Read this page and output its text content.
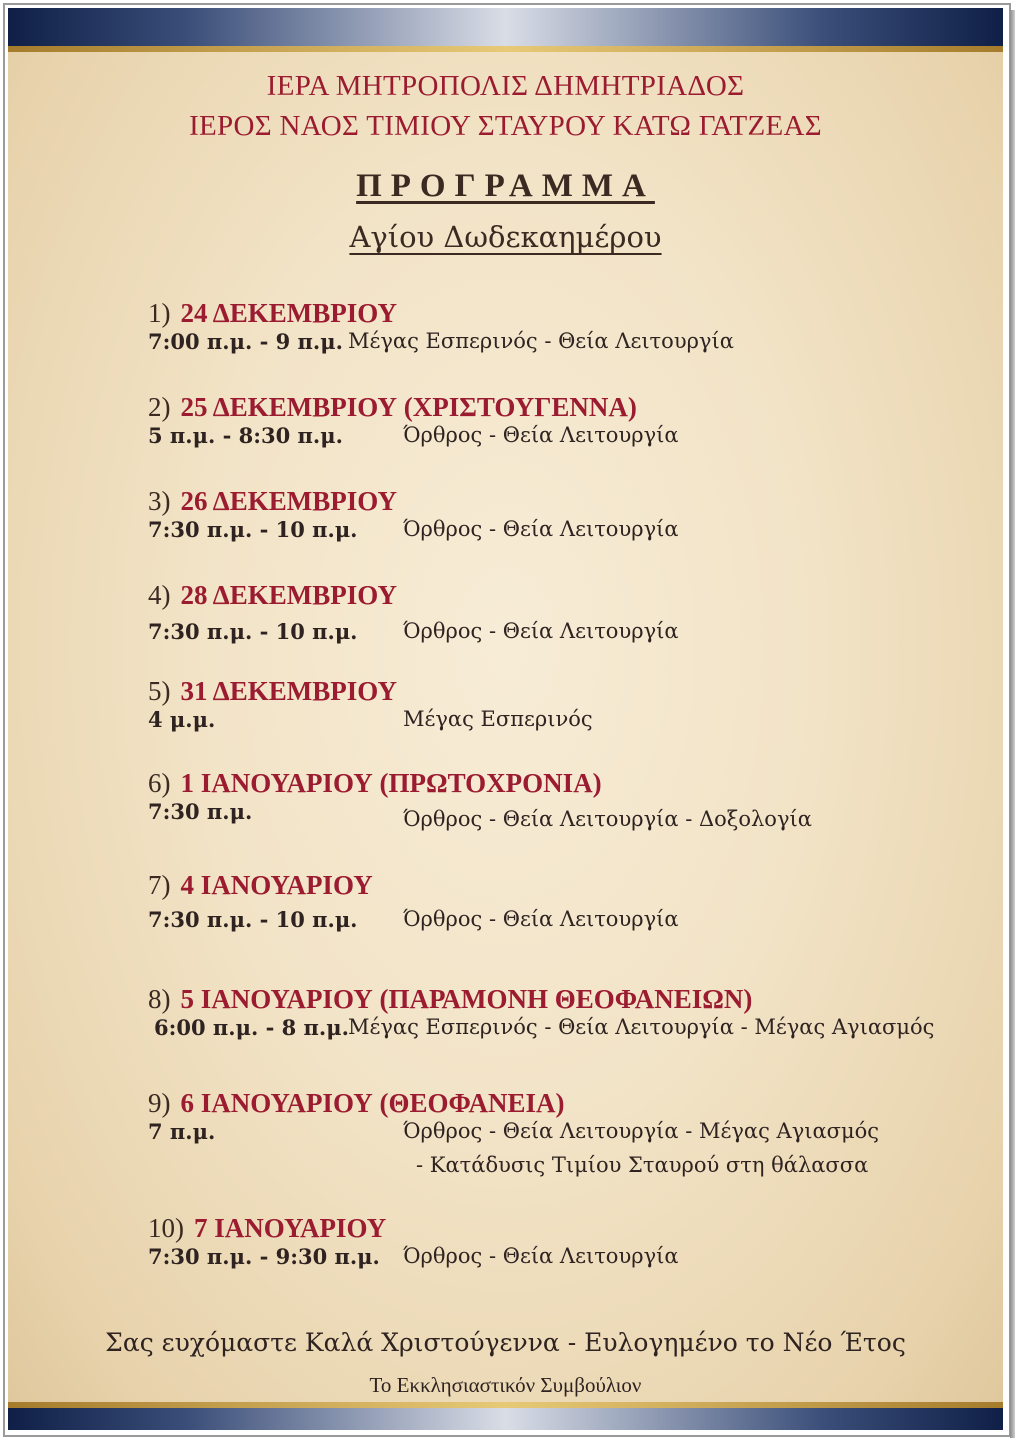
ΙΕΡΑ ΜΗΤΡΟΠΟΛΙΣ ΔΗΜΗΤΡΙΑΔΟΣ
ΙΕΡΟΣ ΝΑΟΣ ΤΙΜΙΟΥ ΣΤΑΥΡΟΥ ΚΑΤΩ ΓΑΤΖΕΑΣ
ΠΡΟΓΡΑΜΜΑ
Αγίου Δωδεκαημέρου
1) 24 ΔΕΚΕΜΒΡΙΟΥ
7:00 π.μ. - 9 π.μ. Μέγας Εσπερινός - Θεία Λειτουργία
2) 25 ΔΕΚΕΜΒΡΙΟΥ (ΧΡΙΣΤΟΥΓΕΝΝΑ)
5 π.μ. - 8:30 π.μ.	Όρθρος - Θεία Λειτουργία
3) 26 ΔΕΚΕΜΒΡΙΟΥ
7:30 π.μ. - 10 π.μ. Όρθρος - Θεία Λειτουργία
4) 28 ΔΕΚΕΜΒΡΙΟΥ
7:30 π.μ. - 10 π.μ. Όρθρος - Θεία Λειτουργία
5) 31 ΔΕΚΕΜΒΡΙΟΥ
4 μ.μ.	Μέγας Εσπερινός
6) 1 ΙΑΝΟΥΑΡΙΟΥ (ΠΡΩΤΟΧΡΟΝΙΑ)
7:30 π.μ.	Όρθρος - Θεία Λειτουργία - Δοξολογία
7) 4 ΙΑΝΟΥΑΡΙΟΥ
7:30 π.μ. - 10 π.μ. Όρθρος - Θεία Λειτουργία
8) 5 ΙΑΝΟΥΑΡΙΟΥ (ΠΑΡΑΜΟΝΗ ΘΕΟΦΑΝΕΙΩΝ)
6:00 π.μ. - 8 π.μ. Μέγας Εσπερινός - Θεία Λειτουργία - Μέγας Αγιασμός
9) 6 ΙΑΝΟΥΑΡΙΟΥ (ΘΕΟΦΑΝΕΙΑ)
7 π.μ.	Όρθρος - Θεία Λειτουργία - Μέγας Αγιασμός
- Κατάδυσις Τιμίου Σταυρού στη θάλασσα
10) 7 ΙΑΝΟΥΑΡΙΟΥ
7:30 π.μ. - 9:30 π.μ. Όρθρος - Θεία Λειτουργία
Σας ευχόμαστε Καλά Χριστούγεννα - Ευλογημένο το Νέο Έτος
Το Εκκλησιαστικόν Συμβούλιον
